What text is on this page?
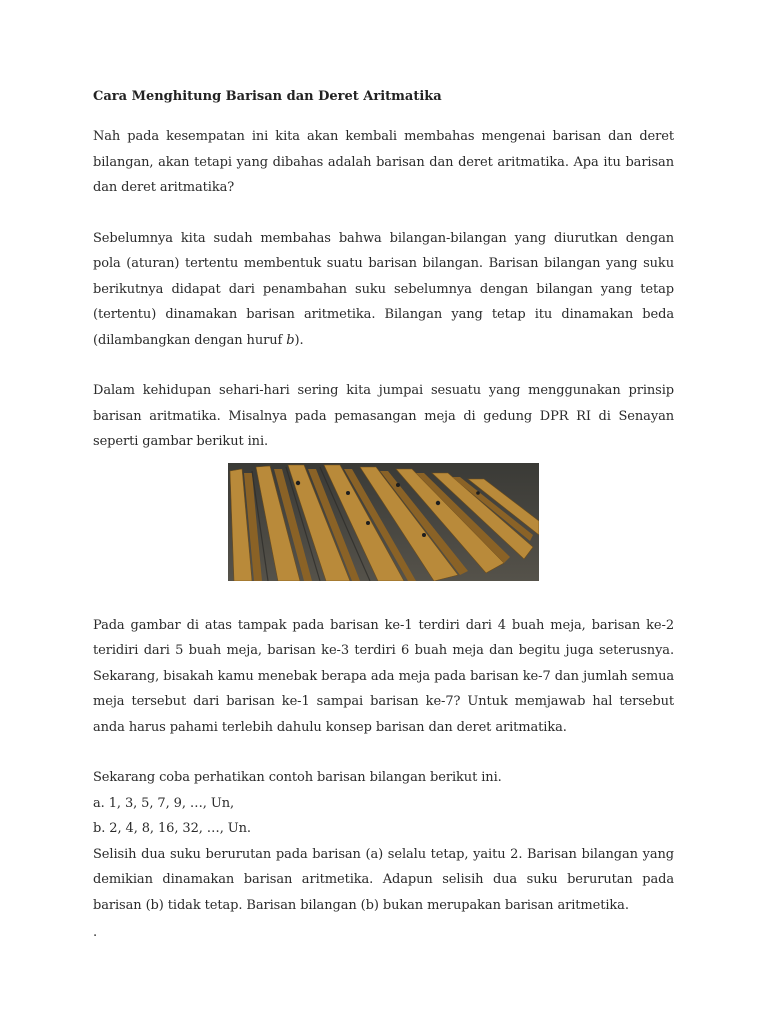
Cara Menghitung Barisan dan Deret Aritmatika

Nah pada kesempatan ini kita akan kembali membahas mengenai barisan dan deret bilangan, akan tetapi yang dibahas adalah barisan dan deret aritmatika. Apa itu barisan dan deret aritmatika?

Sebelumnya kita sudah membahas bahwa bilangan-bilangan yang diurutkan dengan pola (aturan) tertentu membentuk suatu barisan bilangan. Barisan bilangan yang suku berikutnya didapat dari penambahan suku sebelumnya dengan bilangan yang tetap (tertentu) dinamakan barisan aritmetika. Bilangan yang tetap itu dinamakan beda (dilambangkan dengan huruf b).

Dalam kehidupan sehari-hari sering kita jumpai sesuatu yang menggunakan prinsip barisan aritmatika. Misalnya pada pemasangan meja di gedung DPR RI di Senayan seperti gambar berikut ini.

Pada gambar di atas tampak pada barisan ke-1 terdiri dari 4 buah meja, barisan ke-2 teridiri dari 5 buah meja, barisan ke-3 terdiri 6 buah meja dan begitu juga seterusnya. Sekarang, bisakah kamu menebak berapa ada meja pada barisan ke-7 dan jumlah semua meja tersebut dari barisan ke-1 sampai barisan ke-7? Untuk memjawab hal tersebut anda harus pahami terlebih dahulu konsep barisan dan deret aritmatika.

Sekarang coba perhatikan contoh barisan bilangan berikut ini.

a. 1, 3, 5, 7, 9, …, Un,

b. 2, 4, 8, 16, 32, …, Un.

Selisih dua suku berurutan pada barisan (a) selalu tetap, yaitu 2. Barisan bilangan yang demikian dinamakan barisan aritmetika. Adapun selisih dua suku berurutan pada barisan (b) tidak tetap. Barisan bilangan (b) bukan merupakan barisan aritmetika.

.
